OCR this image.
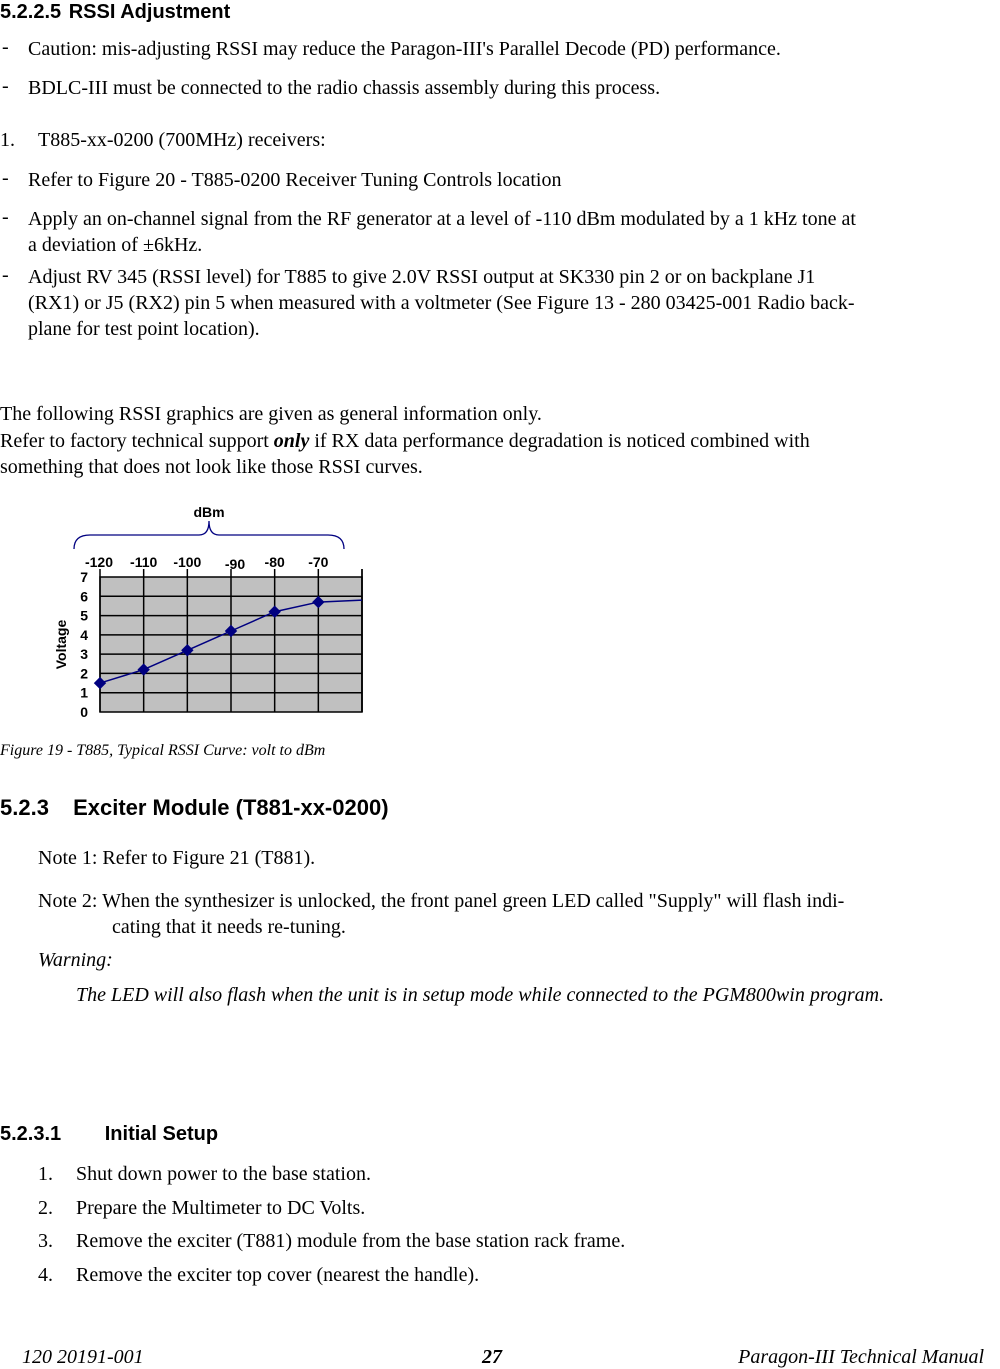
5.2.2.5 RSSI Adjustment
- Caution: mis-adjusting RSSI may reduce the Paragon-III's Parallel Decode (PD) performance.
- BDLC-III must be connected to the radio chassis assembly during this process.
1. T885-xx-0200 (700MHz) receivers:
- Refer to Figure 20 - T885-0200 Receiver Tuning Controls location
- Apply an on-channel signal from the RF generator at a level of -110 dBm modulated by a 1 kHz tone at
a deviation of ±6kHz.
- Adjust RV 345 (RSSI level) for T885 to give 2.0V RSSI output at SK330 pin 2 or on backplane J1
(RX1) or J5 (RX2) pin 5 when measured with a voltmeter (See Figure 13 - 280 03425-001 Radio back-
plane for test point location).
The following RSSI graphics are given as general information only.
Refer to factory technical support only if RX data performance degradation is noticed combined with
something that does not look like those RSSI curves.
0
1
2
3
4
5
6
7
Voltage
-120 -110 -100 -90 -80 -70
dBm
Figure 19 - T885, Typical RSSI Curve: volt to dBm
5.2.3 Exciter Module (T881-xx-0200)
Note 1: Refer to Figure 21 (T881).
Note 2: When the synthesizer is unlocked, the front panel green LED called "Supply" will flash indi-
cating that it needs re-tuning.
Warning:
The LED will also flash when the unit is in setup mode while connected to the PGM800win program.
5.2.3.1 Initial Setup
1. Shut down power to the base station.
2. Prepare the Multimeter to DC Volts.
3. Remove the exciter (T881) module from the base station rack frame.
4. Remove the exciter top cover (nearest the handle).
120 20191-001	27	Paragon-III Technical Manual
